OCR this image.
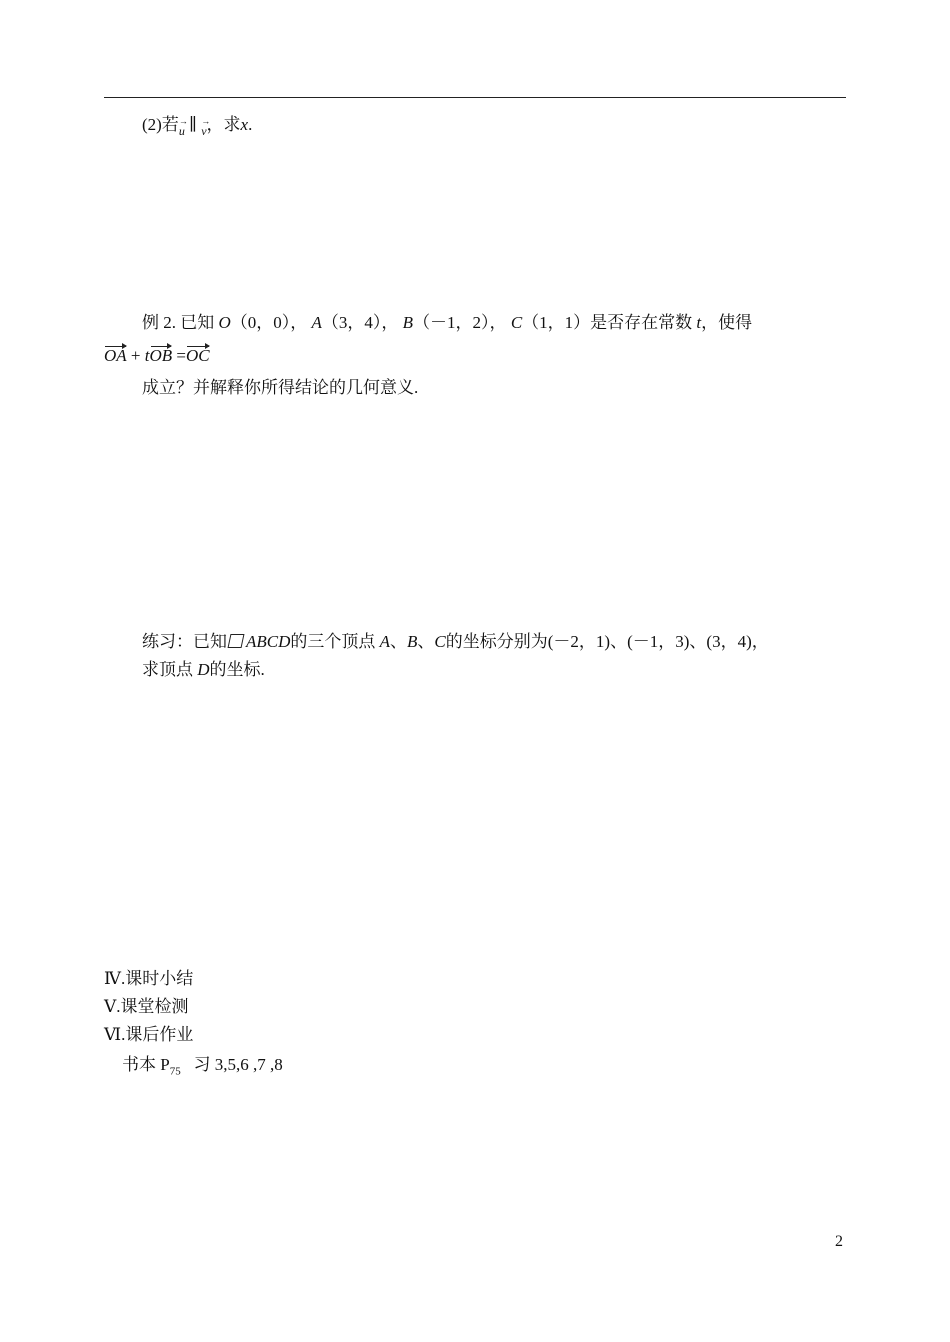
(2)若→ u ∥ → v，求x.
例 2. 已知 O（0，0）， A（3，4）， B（－1，2）， C（1，1）是否存在常数 t，使得
OA + tOB =OC
成立？并解释你所得结论的几何意义.
练习：已知 ABCD的三个顶点 A、B、C的坐标分别为(－2，1)、(－1，3)、(3，4)，
求顶点 D的坐标.
Ⅳ.课时小结
Ⅴ.课堂检测
Ⅵ.课后作业
书本 $P_{75}$   习 3,5,6 ,7 ,8
2
